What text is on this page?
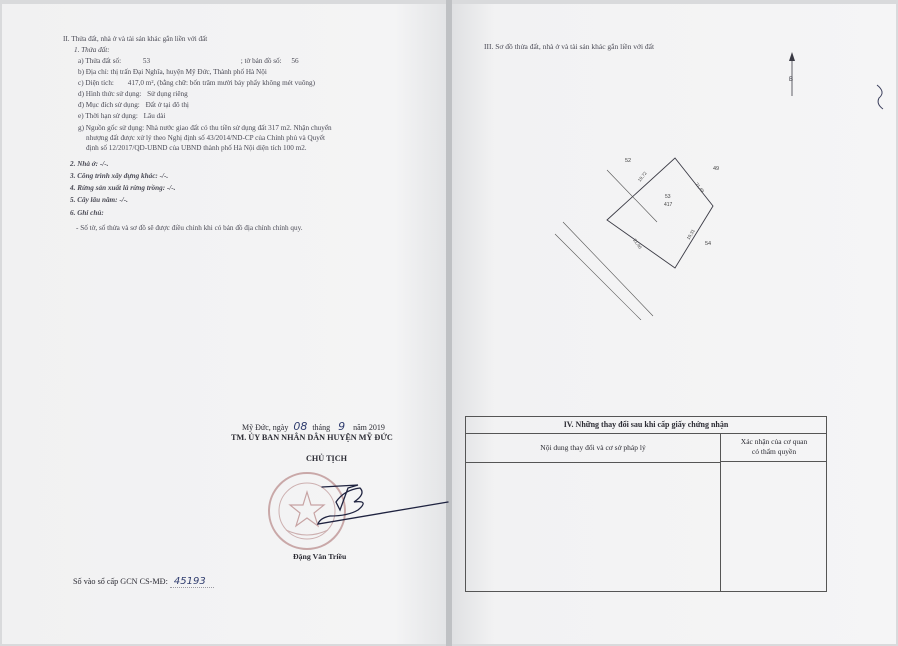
II. Thửa đất, nhà ở và tài sản khác gắn liền với đất
1. Thửa đất:
a) Thửa đất số:	53	; tờ bản đồ số: 56
b) Địa chỉ: thị trấn Đại Nghĩa, huyện Mỹ Đức, Thành phố Hà Nội
c) Diện tích: 417,0 m², (bằng chữ: bốn trăm mười bảy phẩy không mét vuông)
d) Hình thức sử dụng: Sử dụng riêng
đ) Mục đích sử dụng: Đất ở tại đô thị
e) Thời hạn sử dụng: Lâu dài
g) Nguồn gốc sử dụng: Nhà nước giao đất có thu tiền sử dụng đất 317 m2. Nhận chuyển
nhượng đất được xử lý theo Nghị định số 43/2014/ND-CP của Chính phủ và Quyết
định số 12/2017/QD-UBND của UBND thành phố Hà Nội diện tích 100 m2.
2. Nhà ở: -/-.
3. Công trình xây dựng khác: -/-.
4. Rừng sản xuất là rừng trồng: -/-.
5. Cây lâu năm: -/-.
6. Ghi chú:
- Số tờ, số thửa và sơ đồ sẽ được điều chỉnh khi có bản đồ địa chính chính quy.
Mỹ Đức, ngày 08 tháng 9 năm 2019
TM. ỦY BAN NHÂN DÂN HUYỆN MỸ ĐỨC
CHỦ TỊCH
Đặng Văn Triều
Số vào sổ cấp GCN CS-MĐ: 45193
III. Sơ đồ thửa đất, nhà ở và tài sản khác gắn liền với đất
B
52
49
54
53
417
19,72
21,49
21,40
19,31
IV. Những thay đổi sau khi cấp giấy chứng nhận
Nội dung thay đổi và cơ sở pháp lý
Xác nhận của cơ quan
có thẩm quyền
